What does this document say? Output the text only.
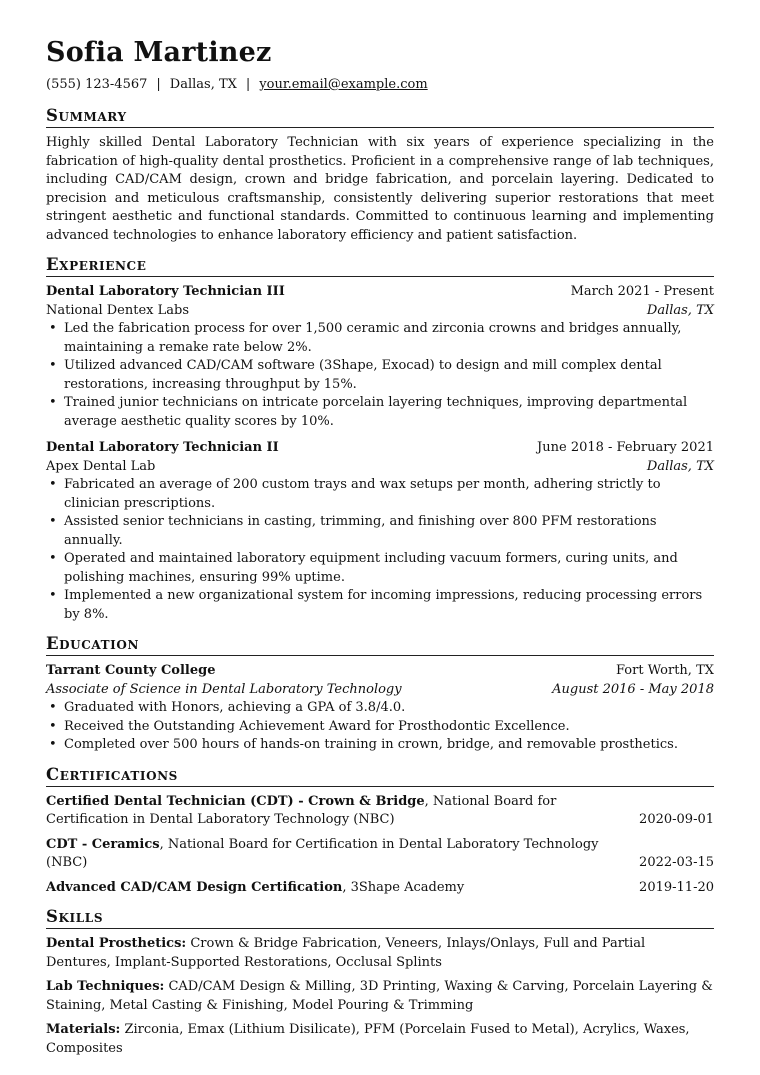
Sofia Martinez
(555) 123-4567 | Dallas, TX | your.email@example.com
Summary

Highly skilled Dental Laboratory Technician with six years of experience specializing in the fabrication of high-quality dental prosthetics. Proficient in a comprehensive range of lab techniques, including CAD/CAM design, crown and bridge fabrication, and porcelain layering. Dedicated to precision and meticulous craftsmanship, consistently delivering superior restorations that meet stringent aesthetic and functional standards. Committed to continuous learning and implementing advanced technologies to enhance laboratory efficiency and patient satisfaction.

Experience
Dental Laboratory Technician III	March 2021 - Present
National Dentex Labs	Dallas, TX
• Led the fabrication process for over 1,500 ceramic and zirconia crowns and bridges annually, maintaining a remake rate below 2%.
• Utilized advanced CAD/CAM software (3Shape, Exocad) to design and mill complex dental restorations, increasing throughput by 15%.
• Trained junior technicians on intricate porcelain layering techniques, improving departmental average aesthetic quality scores by 10%.
Dental Laboratory Technician II	June 2018 - February 2021
Apex Dental Lab	Dallas, TX
• Fabricated an average of 200 custom trays and wax setups per month, adhering strictly to clinician prescriptions.
• Assisted senior technicians in casting, trimming, and finishing over 800 PFM restorations annually.
• Operated and maintained laboratory equipment including vacuum formers, curing units, and polishing machines, ensuring 99% uptime.
• Implemented a new organizational system for incoming impressions, reducing processing errors by 8%.
Education
Tarrant County College	Fort Worth, TX
Associate of Science in Dental Laboratory Technology	August 2016 - May 2018
• Graduated with Honors, achieving a GPA of 3.8/4.0.
• Received the Outstanding Achievement Award for Prosthodontic Excellence.
• Completed over 500 hours of hands-on training in crown, bridge, and removable prosthetics.
Certifications
Certified Dental Technician (CDT) - Crown & Bridge, National Board for Certification in Dental Laboratory Technology (NBC)	2020-09-01
CDT - Ceramics, National Board for Certification in Dental Laboratory Technology (NBC)	2022-03-15
Advanced CAD/CAM Design Certification, 3Shape Academy	2019-11-20
Skills
Dental Prosthetics: Crown & Bridge Fabrication, Veneers, Inlays/Onlays, Full and Partial Dentures, Implant-Supported Restorations, Occlusal Splints
Lab Techniques: CAD/CAM Design & Milling, 3D Printing, Waxing & Carving, Porcelain Layering & Staining, Metal Casting & Finishing, Model Pouring & Trimming
Materials: Zirconia, Emax (Lithium Disilicate), PFM (Porcelain Fused to Metal), Acrylics, Waxes, Composites
